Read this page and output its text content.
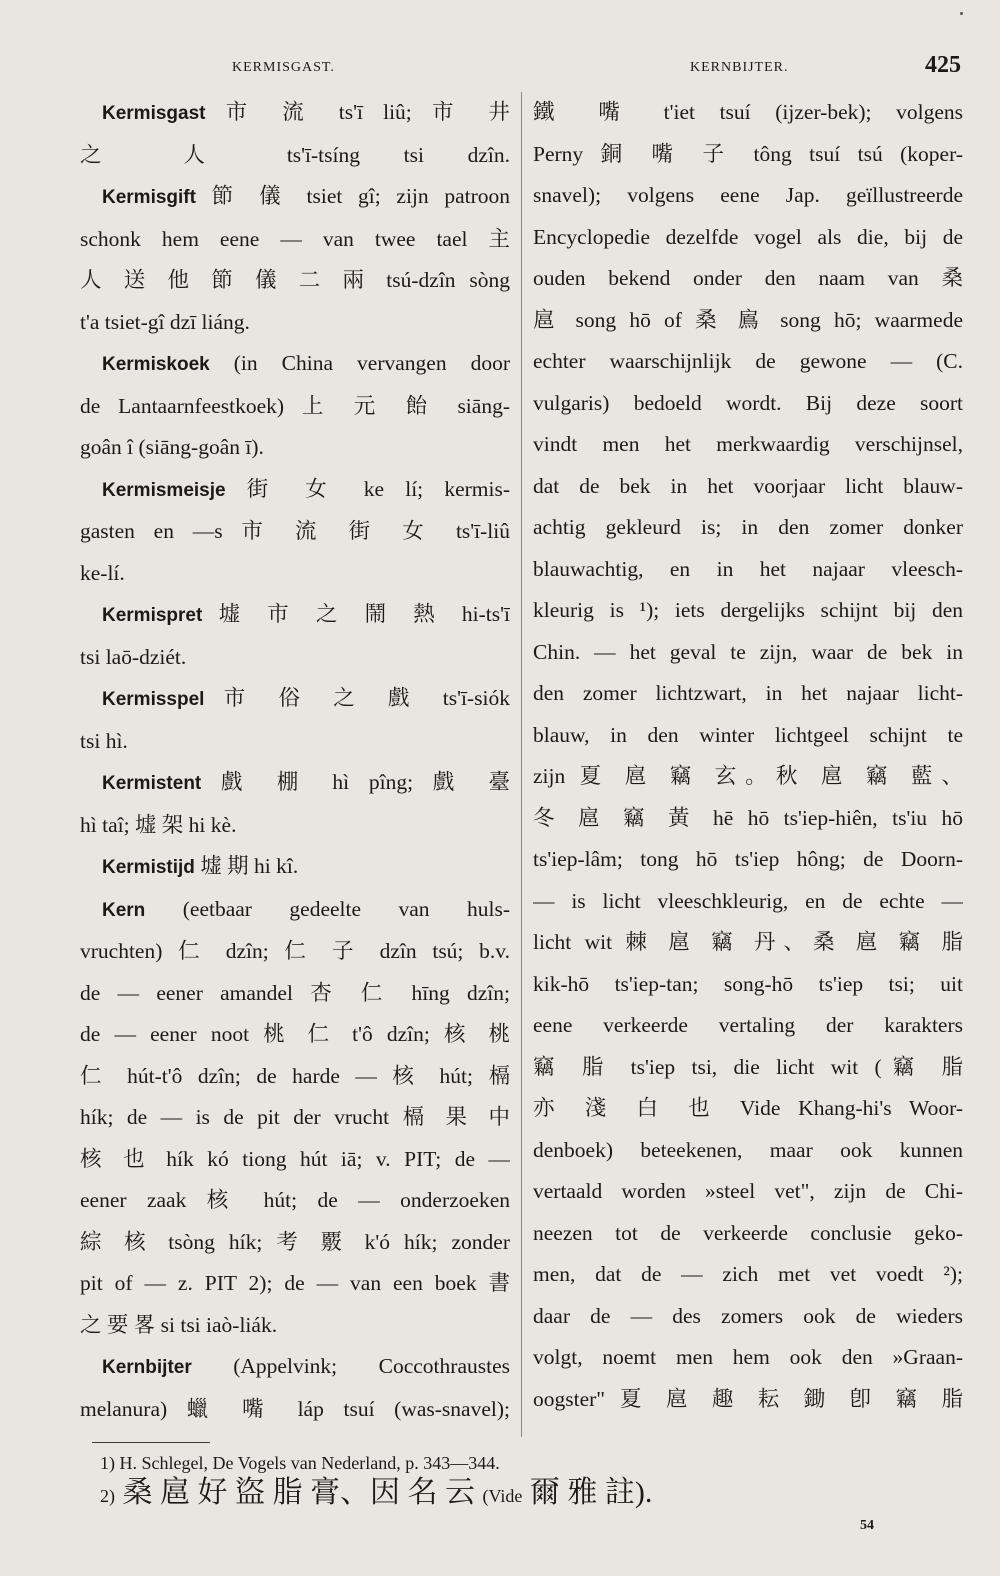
KERMISGAST.	KERNBIJTER.	425
Kermisgast 市 流 ts'ī liû; 市 井
之 人 ts'ī-tsíng tsi dzîn.
Kermisgift 節 儀 tsiet gî; zijn patroon
schonk hem eene — van twee tael 主
人 送 他 節 儀 二 兩 tsú-dzîn sòng
t'a tsiet-gî dzī liáng.
Kermiskoek (in China vervangen door
de Lantaarnfeestkoek) 上 元 飴 siāng-
goân î (siāng-goân ī).
Kermismeisje 街 女 ke lí; kermis-
gasten en —s 市 流 街 女 ts'ī-liû
ke-lí.
Kermispret 墟 市 之 鬧 熱 hi-ts'ī
tsi laō-dziét.
Kermisspel 市 俗 之 戲 ts'ī-siók
tsi hì.
Kermistent 戲 棚 hì pîng; 戲 臺
hì taî; 墟 架 hi kè.
Kermistijd 墟 期 hi kî.
Kern (eetbaar gedeelte van huls-
vruchten) 仁 dzîn; 仁 子 dzîn tsú; b.v.
de — eener amandel 杏 仁 hīng dzîn;
de — eener noot 桃 仁 t'ô dzîn; 核 桃
仁 hút-t'ô dzîn; de harde — 核 hút; 槅
hík; de — is de pit der vrucht 槅 果 中
核 也 hík kó tiong hút iā; v. PIT; de —
eener zaak 核 hút; de — onderzoeken
綜 核 tsòng hík; 考 覈 k'ó hík; zonder
pit of — z. PIT 2); de — van een boek 書
之 要 畧 si tsi iaò-liák.
Kernbijter (Appelvink; Coccothraustes
melanura) 蠟 嘴 láp tsuí (was-snavel);
鐵 嘴 t'iet tsuí (ijzer-bek); volgens
Perny 銅 嘴 子 tông tsuí tsú (koper-
snavel); volgens eene Jap. geïllustreerde
Encyclopedie dezelfde vogel als die, bij de
ouden bekend onder den naam van 桑
扈 song hō of 桑 鳸 song hō; waarmede
echter waarschijnlijk de gewone — (C.
vulgaris) bedoeld wordt. Bij deze soort
vindt men het merkwaardig verschijnsel,
dat de bek in het voorjaar licht blauw-
achtig gekleurd is; in den zomer donker
blauwachtig, en in het najaar vleesch-
kleurig is ¹); iets dergelijks schijnt bij den
Chin. — het geval te zijn, waar de bek in
den zomer lichtzwart, in het najaar licht-
blauw, in den winter lichtgeel schijnt te
zijn 夏 扈 竊 玄。秋 扈 竊 藍、
冬 扈 竊 黃 hē hō ts'iep-hiên, ts'iu hō
ts'iep-lâm; tong hō ts'iep hông; de Doorn-
— is licht vleeschkleurig, en de echte —
licht wit 棘 扈 竊 丹、桑 扈 竊 脂
kik-hō ts'iep-tan; song-hō ts'iep tsi; uit
eene verkeerde vertaling der karakters
竊 脂 ts'iep tsi, die licht wit (竊 脂
亦 淺 白 也 Vide Khang-hi's Woor-
denboek) beteekenen, maar ook kunnen
vertaald worden »steel vet", zijn de Chi-
neezen tot de verkeerde conclusie geko-
men, dat de — zich met vet voedt ²);
daar de — des zomers ook de wieders
volgt, noemt men hem ook den »Graan-
oogster" 夏 扈 趣 耘 鋤 卽 竊 脂
1) H. Schlegel, De Vogels van Nederland, p. 343—344.
2) 桑 扈 好 盜 脂 膏、因 名 云 (Vide 爾 雅 註).
54
